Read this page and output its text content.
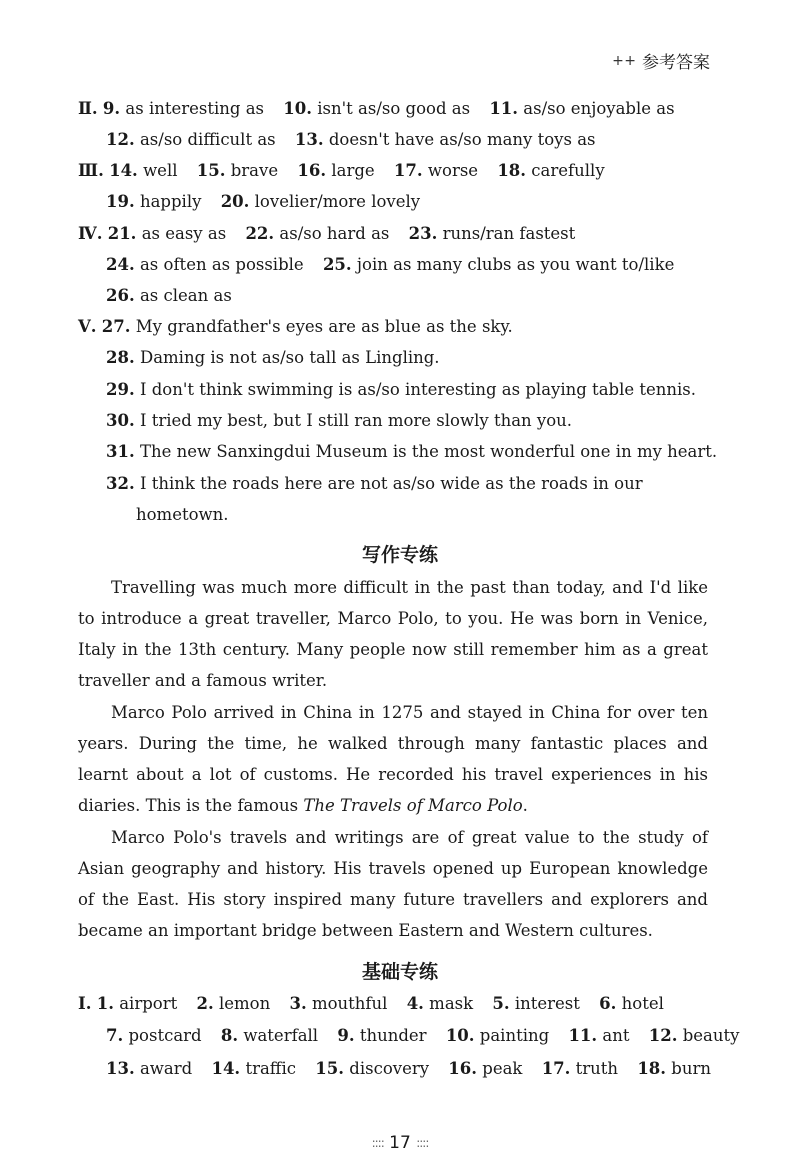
+ + 参考答案
Ⅱ. 9. as interesting as 10. isn't as/so good as 11. as/so enjoyable as
12. as/so difficult as 13. doesn't have as/so many toys as
Ⅲ. 14. well 15. brave 16. large 17. worse 18. carefully
19. happily 20. lovelier/more lovely
Ⅳ. 21. as easy as 22. as/so hard as 23. runs/ran fastest
24. as often as possible 25. join as many clubs as you want to/like
26. as clean as
Ⅴ. 27. My grandfather's eyes are as blue as the sky.
28. Daming is not as/so tall as Lingling.
29. I don't think swimming is as/so interesting as playing table tennis.
30. I tried my best, but I still ran more slowly than you.
31. The new Sanxingdui Museum is the most wonderful one in my heart.
32. I think the roads here are not as/so wide as the roads in our
hometown.
写作专练
Travelling was much more difficult in the past than today, and I'd like to introduce a great traveller, Marco Polo, to you. He was born in Venice, Italy in the 13th century. Many people now still remember him as a great traveller and a famous writer.
Marco Polo arrived in China in 1275 and stayed in China for over ten years. During the time, he walked through many fantastic places and learnt about a lot of customs. He recorded his travel experiences in his diaries. This is the famous The Travels of Marco Polo.
Marco Polo's travels and writings are of great value to the study of Asian geography and history. His travels opened up European knowledge of the East. His story inspired many future travellers and explorers and became an important bridge between Eastern and Western cultures.
基础专练
Ⅰ. 1. airport 2. lemon 3. mouthful 4. mask 5. interest 6. hotel
7. postcard 8. waterfall 9. thunder 10. painting 11. ant 12. beauty
13. award 14. traffic 15. discovery 16. peak 17. truth 18. burn
:::: 17 ::::
